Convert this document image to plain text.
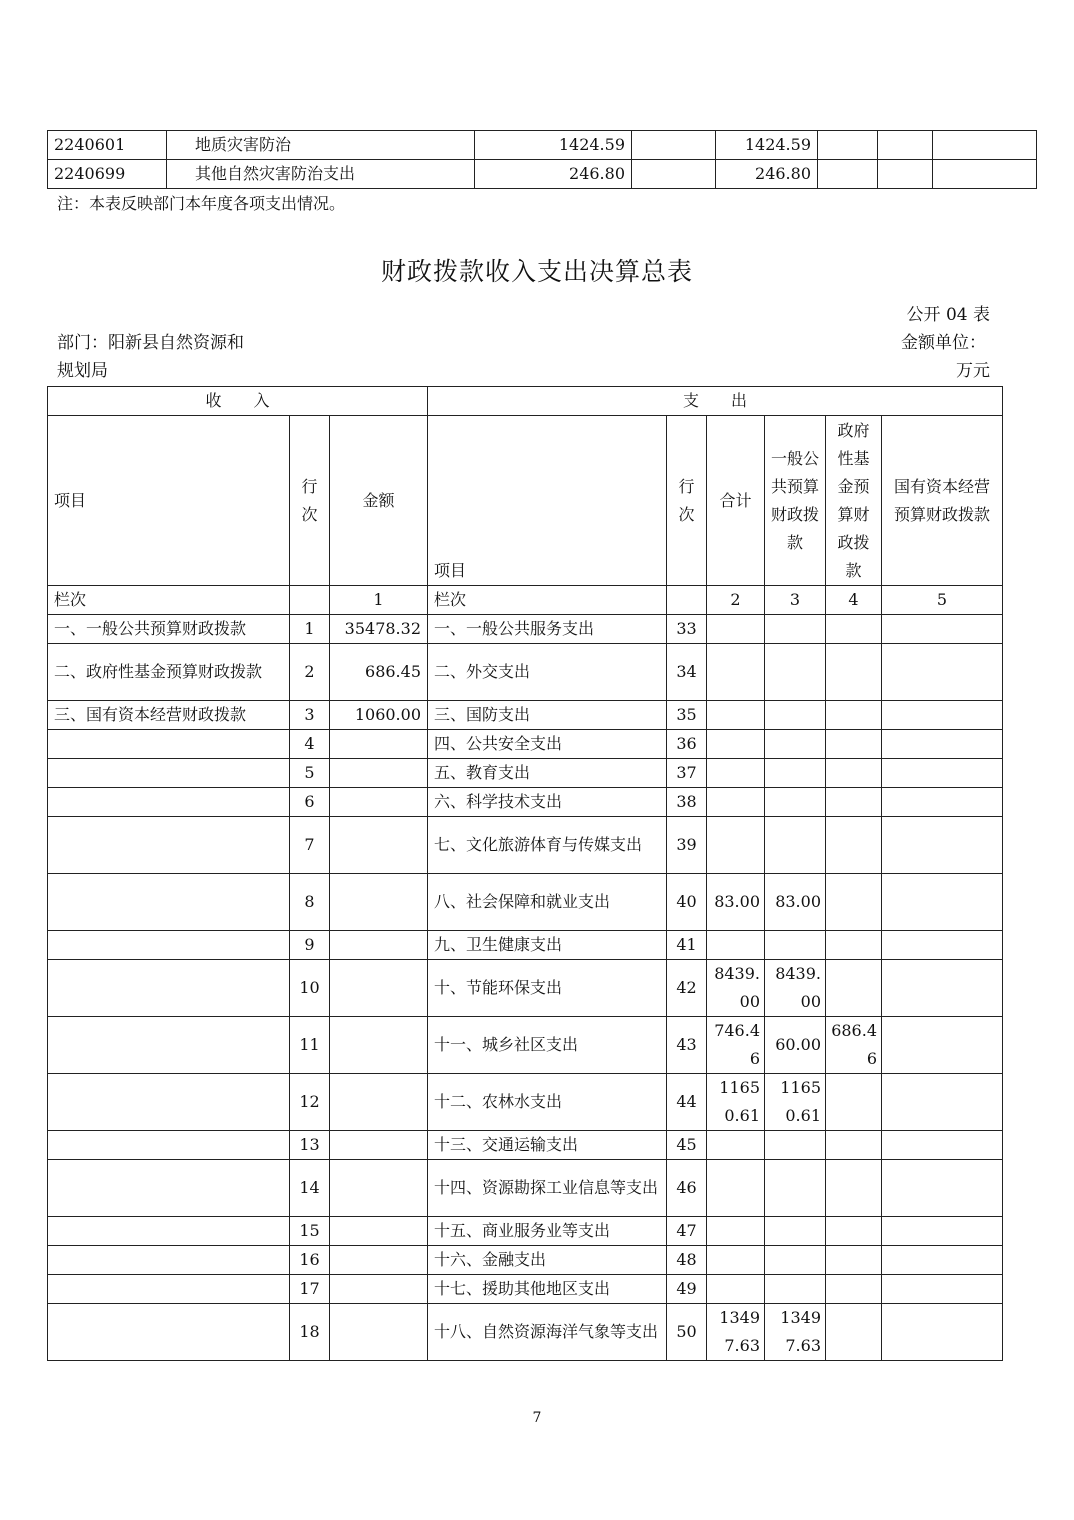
2240601	地质灾害防治	1424.59		1424.59			
2240699	其他自然灾害防治支出	246.80		246.80			
注：本表反映部门本年度各项支出情况。
财政拨款收入支出决算总表
公开 04 表
部门：阳新县自然资源和
规划局
金额单位：
万元
收　　入			支　　出					
项目	行次	金额	项目	行次	合计	一般公共预算财政拨款	政府性基金预算财政拨款	国有资本经营预算财政拨款
栏次		1	栏次		2	3	4	5
一、一般公共预算财政拨款	1	35478.32	一、一般公共服务支出	33				
二、政府性基金预算财政拨款	2	686.45	二、外交支出	34				
三、国有资本经营财政拨款	3	1060.00	三、国防支出	35				
	4		四、公共安全支出	36				
	5		五、教育支出	37				
	6		六、科学技术支出	38				
	7		七、文化旅游体育与传媒支出	39				
	8		八、社会保障和就业支出	40	83.00	83.00		
	9		九、卫生健康支出	41				
	10		十、节能环保支出	42	8439.00	8439.00		
	11		十一、城乡社区支出	43	746.46	60.00	686.46	
	12		十二、农林水支出	44	11650.61	11650.61		
	13		十三、交通运输支出	45				
	14		十四、资源勘探工业信息等支出	46				
	15		十五、商业服务业等支出	47				
	16		十六、金融支出	48				
	17		十七、援助其他地区支出	49				
	18		十八、自然资源海洋气象等支出	50	13497.63	13497.63		
7
